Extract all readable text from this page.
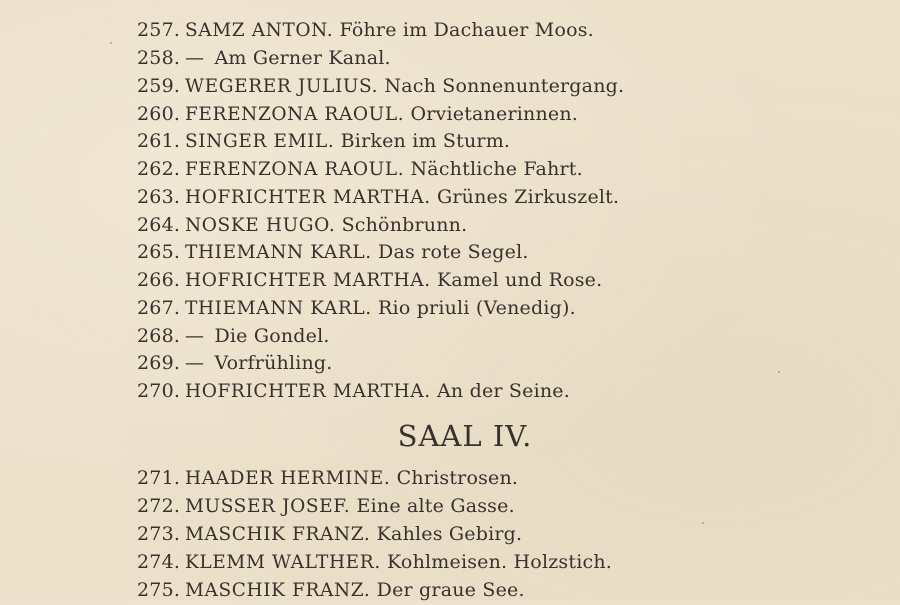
257. SAMZ ANTON. Föhre im Dachauer Moos.
258. — Am Gerner Kanal.
259. WEGERER JULIUS. Nach Sonnenuntergang.
260. FERENZONA RAOUL. Orvietanerinnen.
261. SINGER EMIL. Birken im Sturm.
262. FERENZONA RAOUL. Nächtliche Fahrt.
263. HOFRICHTER MARTHA. Grünes Zirkuszelt.
264. NOSKE HUGO. Schönbrunn.
265. THIEMANN KARL. Das rote Segel.
266. HOFRICHTER MARTHA. Kamel und Rose.
267. THIEMANN KARL. Rio priuli (Venedig).
268. — Die Gondel.
269. — Vorfrühling.
270. HOFRICHTER MARTHA. An der Seine.
SAAL IV.
271. HAADER HERMINE. Christrosen.
272. MUSSER JOSEF. Eine alte Gasse.
273. MASCHIK FRANZ. Kahles Gebirg.
274. KLEMM WALTHER. Kohlmeisen. Holzstich.
275. MASCHIK FRANZ. Der graue See.
